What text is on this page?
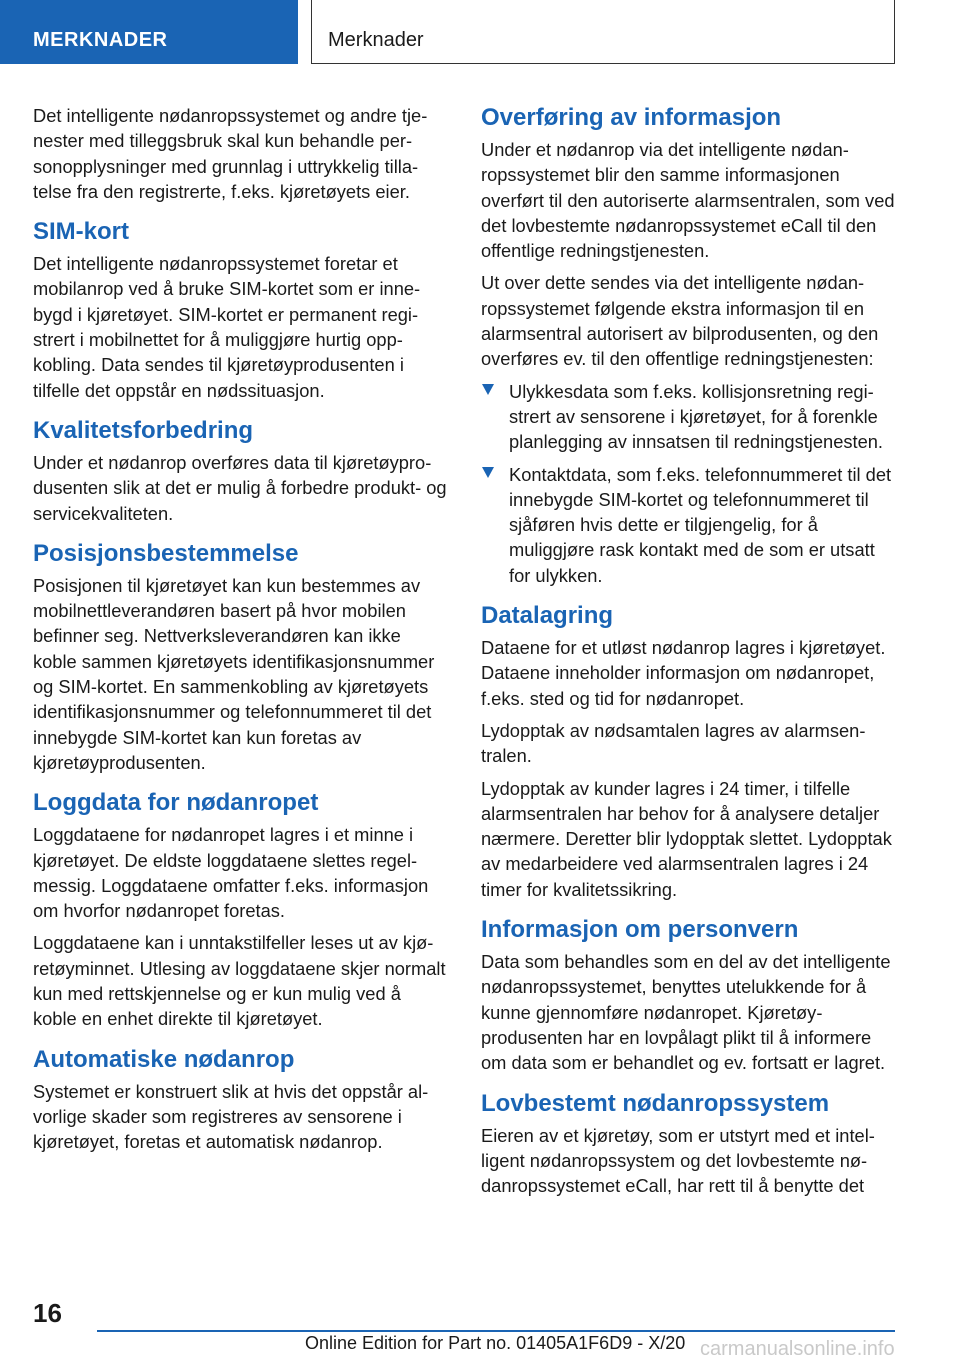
MERKNADER	Merknader

Det intelligente nødanropssystemet og andre tjenester med tilleggsbruk skal kun behandle personopplysninger med grunnlag i uttrykkelig tillatelse fra den registrerte, f.eks. kjøretøyets eier.

SIM-kort

Det intelligente nødanropssystemet foretar et mobilanrop ved å bruke SIM-kortet som er innebygd i kjøretøyet. SIM-kortet er permanent registrert i mobilnettet for å muliggjøre hurtig oppkobling. Data sendes til kjøretøyprodusenten i tilfelle det oppstår en nødssituasjon.

Kvalitetsforbedring

Under et nødanrop overføres data til kjøretøyprodusenten slik at det er mulig å forbedre produkt- og servicekvaliteten.

Posisjonsbestemmelse

Posisjonen til kjøretøyet kan kun bestemmes av mobilnettleverandøren basert på hvor mobilen befinner seg. Nettverksleverandøren kan ikke koble sammen kjøretøyets identifikasjonsnummer og SIM-kortet. En sammenkobling av kjøretøyets identifikasjonsnummer og telefonnummeret til det innebygde SIM-kortet kan kun foretas av kjøretøyprodusenten.

Loggdata for nødanropet

Loggdataene for nødanropet lagres i et minne i kjøretøyet. De eldste loggdataene slettes regelmessig. Loggdataene omfatter f.eks. informasjon om hvorfor nødanropet foretas.

Loggdataene kan i unntakstilfeller leses ut av kjøretøyminnet. Utlesing av loggdataene skjer normalt kun med rettskjennelse og er kun mulig ved å koble en enhet direkte til kjøretøyet.

Automatiske nødanrop

Systemet er konstruert slik at hvis det oppstår alvorlige skader som registreres av sensorene i kjøretøyet, foretas et automatisk nødanrop.

Overføring av informasjon

Under et nødanrop via det intelligente nødanropssystemet blir den samme informasjonen overført til den autoriserte alarmsentralen, som ved det lovbestemte nødanropssystemet eCall til den offentlige redningstjenesten.

Ut over dette sendes via det intelligente nødanropssystemet følgende ekstra informasjon til en alarmsentral autorisert av bilprodusenten, og den overføres ev. til den offentlige redningstjenesten:

Ulykkesdata som f.eks. kollisjonsretning registrert av sensorene i kjøretøyet, for å forenkle planlegging av innsatsen til redningstjenesten.
Kontaktdata, som f.eks. telefonnummeret til det innebygde SIM-kortet og telefonnummeret til sjåføren hvis dette er tilgjengelig, for å muliggjøre rask kontakt med de som er utsatt for ulykken.
Datalagring

Dataene for et utløst nødanrop lagres i kjøretøyet. Dataene inneholder informasjon om nødanropet, f.eks. sted og tid for nødanropet.

Lydopptak av nødsamtalen lagres av alarmsentralen.

Lydopptak av kunder lagres i 24 timer, i tilfelle alarmsentralen har behov for å analysere detaljer nærmere. Deretter blir lydopptak slettet. Lydopptak av medarbeidere ved alarmsentralen lagres i 24 timer for kvalitetssikring.

Informasjon om personvern

Data som behandles som en del av det intelligente nødanropssystemet, benyttes utelukkende for å kunne gjennomføre nødanropet. Kjøretøyprodusenten har en lovpålagt plikt til å informere om data som er behandlet og ev. fortsatt er lagret.

Lovbestemt nødanropssystem

Eieren av et kjøretøy, som er utstyrt med et intelligent nødanropssystem og det lovbestemte nødanropssystemet eCall, har rett til å benytte det

16
Online Edition for Part no. 01405A1F6D9 - X/20 carmanualsonline.info
